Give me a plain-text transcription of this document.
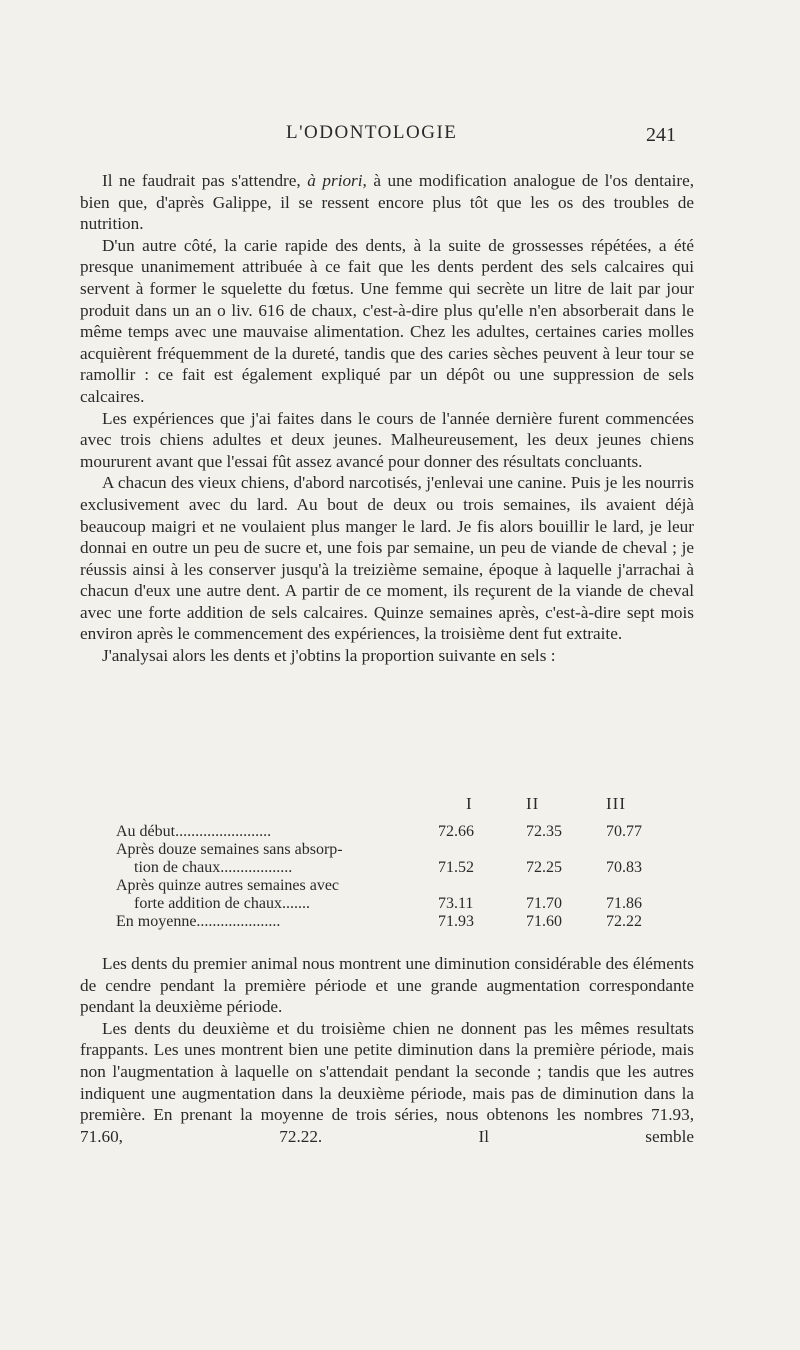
L'ODONTOLOGIE	241

Il ne faudrait pas s'attendre, à priori, à une modification analogue de l'os dentaire, bien que, d'après Galippe, il se ressent encore plus tôt que les os des troubles de nutrition.

D'un autre côté, la carie rapide des dents, à la suite de grossesses répétées, a été presque unanimement attribuée à ce fait que les dents perdent des sels calcaires qui servent à former le squelette du fœtus. Une femme qui secrète un litre de lait par jour produit dans un an o liv. 616 de chaux, c'est-à-dire plus qu'elle n'en absorberait dans le même temps avec une mauvaise alimentation. Chez les adultes, certaines caries molles acquièrent fréquemment de la dureté, tandis que des caries sèches peuvent à leur tour se ramollir : ce fait est également expliqué par un dépôt ou une suppression de sels calcaires.

Les expériences que j'ai faites dans le cours de l'année dernière furent commencées avec trois chiens adultes et deux jeunes. Malheureusement, les deux jeunes chiens moururent avant que l'essai fût assez avancé pour donner des résultats concluants.

A chacun des vieux chiens, d'abord narcotisés, j'enlevai une canine. Puis je les nourris exclusivement avec du lard. Au bout de deux ou trois semaines, ils avaient déjà beaucoup maigri et ne voulaient plus manger le lard. Je fis alors bouillir le lard, je leur donnai en outre un peu de sucre et, une fois par semaine, un peu de viande de cheval ; je réussis ainsi à les conserver jusqu'à la treizième semaine, époque à laquelle j'arrachai à chacun d'eux une autre dent. A partir de ce moment, ils reçurent de la viande de cheval avec une forte addition de sels calcaires. Quinze semaines après, c'est-à-dire sept mois environ après le commencement des expériences, la troisième dent fut extraite.

J'analysai alors les dents et j'obtins la proportion suivante en sels :

I	II	III
Au début........................	72.66	72.35	70.77
Après douze semaines sans absorp-
tion de chaux..................	71.52	72.25	70.83
Après quinze autres semaines avec
forte addition de chaux.......	73.11	71.70	71.86
En moyenne.....................	71.93	71.60	72.22

Les dents du premier animal nous montrent une diminution considérable des éléments de cendre pendant la première période et une grande augmentation correspondante pendant la deuxième période.

Les dents du deuxième et du troisième chien ne donnent pas les mêmes resultats frappants. Les unes montrent bien une petite diminution dans la première période, mais non l'augmentation à laquelle on s'attendait pendant la seconde ; tandis que les autres indiquent une augmentation dans la deuxième période, mais pas de diminution dans la première. En prenant la moyenne de trois séries, nous obtenons les nombres 71.93, 71.60, 72.22. Il semble
